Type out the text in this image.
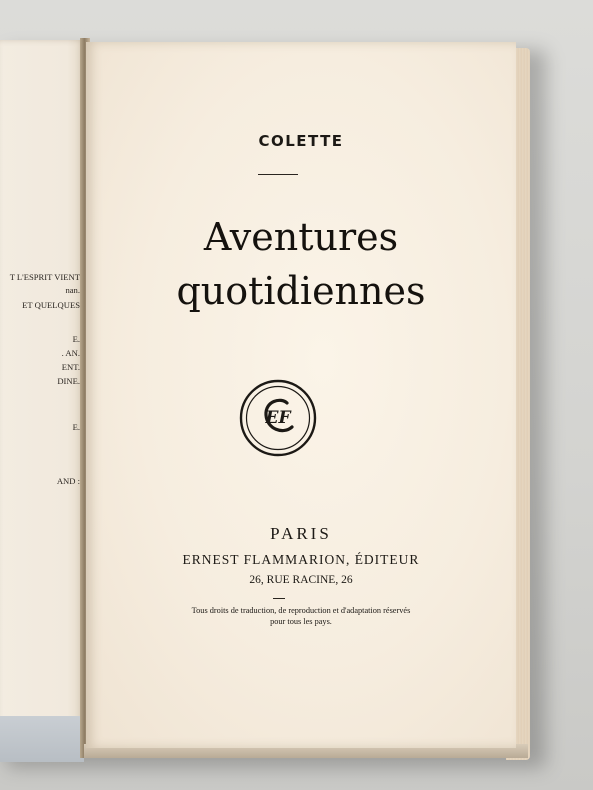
T L'ESPRIT VIENT
nan.
ET QUELQUES
E.
. AN.
ENT.
DINE.
E.
AND :
COLETTE
Aventures
quotidiennes
EF
PARIS
ERNEST FLAMMARION, ÉDITEUR
26, RUE RACINE, 26
Tous droits de traduction, de reproduction et d'adaptation réservés
pour tous les pays.
